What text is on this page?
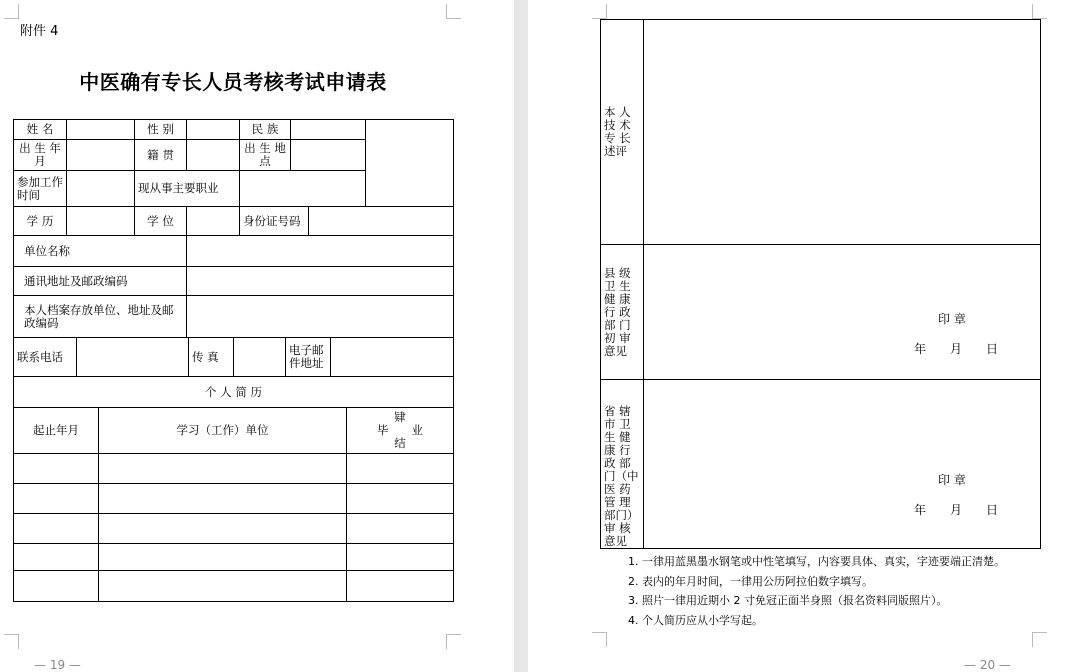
附件 4
中医确有专长人员考核考试申请表
姓 名		性 别		民 族		
出 生 年 月		籍 贯		出 生 地 点		
参加工作时间		现从事主要职业				
学 历		学 位		身份证号码	
单位名称	
通讯地址及邮政编码	
本人档案存放单位、地址及邮政编码	
联系电话		传 真		电子邮件地址	
个 人 简 历		
起止年月	学习（工作）单位	肄
毕　　业
结

— 19 —
本 人 技 术 专 长 述评	
县 级 卫 生 健 康 行 政 部 门 初 审 意见	印 章
年　　月　　日

省 辖 市 卫 生 健 康 行 政 部 门（中 医 药 管 理 部门）审 核 意见	印 章
年　　月　　日
1. 一律用蓝黑墨水钢笔或中性笔填写，内容要具体、真实，字迹要端正清楚。
2. 表内的年月时间，一律用公历阿拉伯数字填写。
3. 照片一律用近期小 2 寸免冠正面半身照（报名资料同版照片）。
4. 个人简历应从小学写起。
— 20 —
